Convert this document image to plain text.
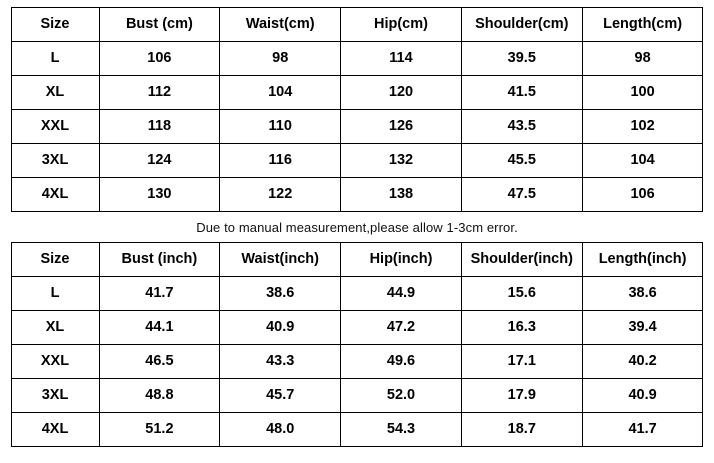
Size	Bust (cm)	Waist(cm)	Hip(cm)	Shoulder(cm)	Length(cm)
L	106	98	114	39.5	98
XL	112	104	120	41.5	100
XXL	118	110	126	43.5	102
3XL	124	116	132	45.5	104
4XL	130	122	138	47.5	106
Due to manual measurement,please allow 1-3cm error.
Size	Bust (inch)	Waist(inch)	Hip(inch)	Shoulder(inch)	Length(inch)
L	41.7	38.6	44.9	15.6	38.6
XL	44.1	40.9	47.2	16.3	39.4
XXL	46.5	43.3	49.6	17.1	40.2
3XL	48.8	45.7	52.0	17.9	40.9
4XL	51.2	48.0	54.3	18.7	41.7
